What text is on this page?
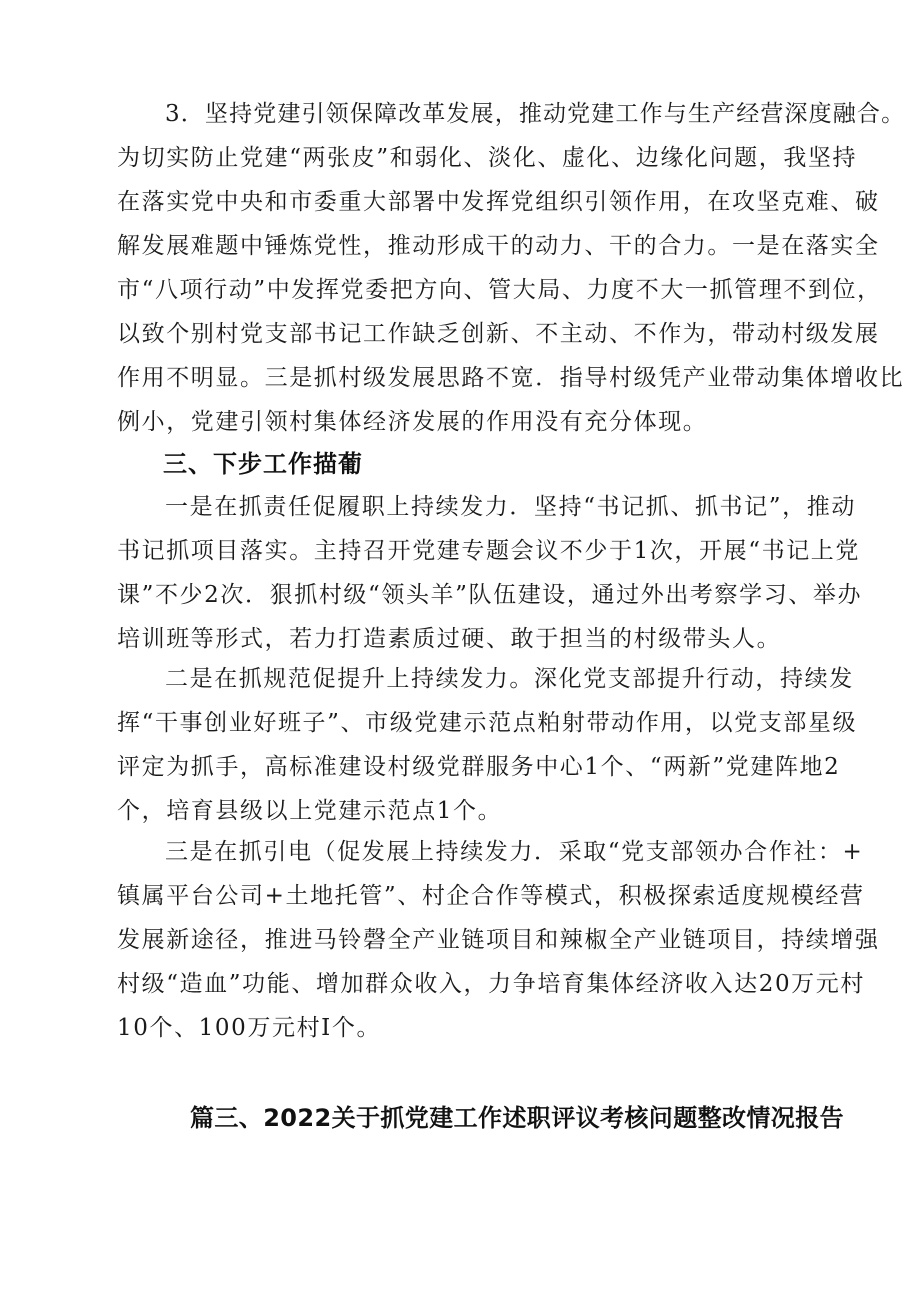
3．坚持党建引领保障改革发展，推动党建工作与生产经营深度融合。
为切实防止党建“两张皮”和弱化、淡化、虚化、边缘化问题，我坚持
在落实党中央和市委重大部署中发挥党组织引领作用，在攻坚克难、破
解发展难题中锤炼党性，推动形成干的动力、干的合力。一是在落实全
市“八项行动”中发挥党委把方向、管大局、力度不大一抓管理不到位，
以致个别村党支部书记工作缺乏创新、不主动、不作为，带动村级发展
作用不明显。三是抓村级发展思路不宽．指导村级凭产业带动集体增收比
例小，党建引领村集体经济发展的作用没有充分体现。
三、下步工作描葡
一是在抓责任促履职上持续发力．坚持“书记抓、抓书记”，推动
书记抓项目落实。主持召开党建专题会议不少于1次，开展“书记上党
课”不少2次．狠抓村级“领头羊”队伍建设，通过外出考察学习、举办
培训班等形式，若力打造素质过硬、敢于担当的村级带头人。
二是在抓规范促提升上持续发力。深化党支部提升行动，持续发
挥“干事创业好班子”、市级党建示范点粕射带动作用，以党支部星级
评定为抓手，高标准建设村级党群服务中心1个、“两新”党建阵地2
个，培育县级以上党建示范点1个。
三是在抓引电（促发展上持续发力．采取“党支部领办合作社：+
镇属平台公司+土地托管”、村企合作等模式，积极探索适度规模经营
发展新途径，推进马铃磬全产业链项目和辣椒全产业链项目，持续增强
村级“造血”功能、增加群众收入，力争培育集体经济收入达20万元村
10个、100万元村I个。
篇三、2022关于抓党建工作述职评议考核问题整改情况报告
